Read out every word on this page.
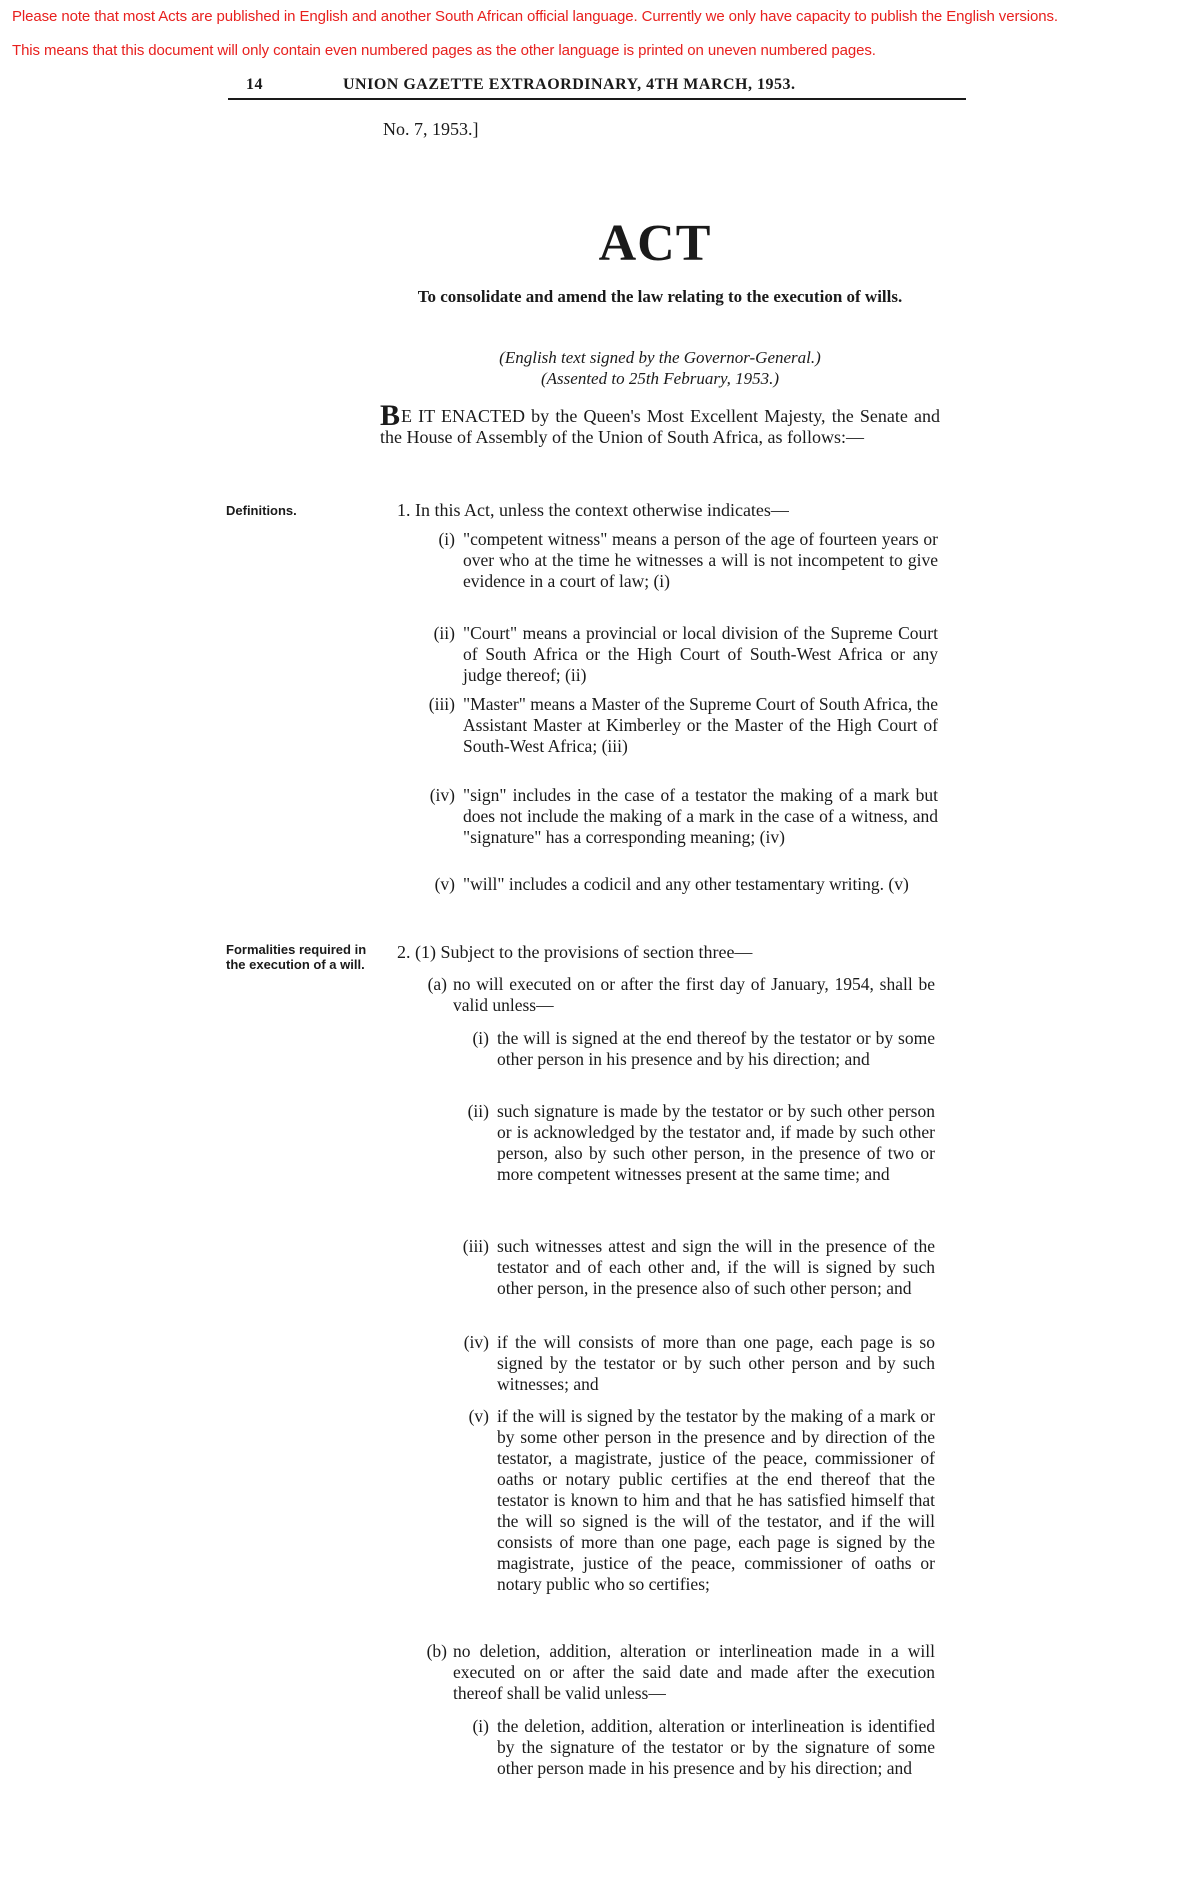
Please note that most Acts are published in English and another South African official language. Currently we only have capacity to publish the English versions.
This means that this document will only contain even numbered pages as the other language is printed on uneven numbered pages.
14	UNION GAZETTE EXTRAORDINARY, 4TH MARCH, 1953.
No. 7, 1953.]
ACT
To consolidate and amend the law relating to the execution of wills.
(English text signed by the Governor-General.)
(Assented to 25th February, 1953.)
BE IT ENACTED by the Queen's Most Excellent Majesty, the Senate and the House of Assembly of the Union of South Africa, as follows:—
Definitions.
Formalities required in the execution of a will.
1. In this Act, unless the context otherwise indicates—
(i) "competent witness" means a person of the age of fourteen years or over who at the time he witnesses a will is not incompetent to give evidence in a court of law; (i)
(ii) "Court" means a provincial or local division of the Supreme Court of South Africa or the High Court of South-West Africa or any judge thereof; (ii)
(iii) "Master" means a Master of the Supreme Court of South Africa, the Assistant Master at Kimberley or the Master of the High Court of South-West Africa; (iii)
(iv) "sign" includes in the case of a testator the making of a mark but does not include the making of a mark in the case of a witness, and "signature" has a corresponding meaning; (iv)
(v) "will" includes a codicil and any other testamentary writing. (v)
2. (1) Subject to the provisions of section three—
(a) no will executed on or after the first day of January, 1954, shall be valid unless—
(i) the will is signed at the end thereof by the testator or by some other person in his presence and by his direction; and
(ii) such signature is made by the testator or by such other person or is acknowledged by the testator and, if made by such other person, also by such other person, in the presence of two or more competent witnesses present at the same time; and
(iii) such witnesses attest and sign the will in the presence of the testator and of each other and, if the will is signed by such other person, in the presence also of such other person; and
(iv) if the will consists of more than one page, each page is so signed by the testator or by such other person and by such witnesses; and
(v) if the will is signed by the testator by the making of a mark or by some other person in the presence and by direction of the testator, a magistrate, justice of the peace, commissioner of oaths or notary public certifies at the end thereof that the testator is known to him and that he has satisfied himself that the will so signed is the will of the testator, and if the will consists of more than one page, each page is signed by the magistrate, justice of the peace, commissioner of oaths or notary public who so certifies;
(b) no deletion, addition, alteration or interlineation made in a will executed on or after the said date and made after the execution thereof shall be valid unless—
(i) the deletion, addition, alteration or interlineation is identified by the signature of the testator or by the signature of some other person made in his presence and by his direction; and
